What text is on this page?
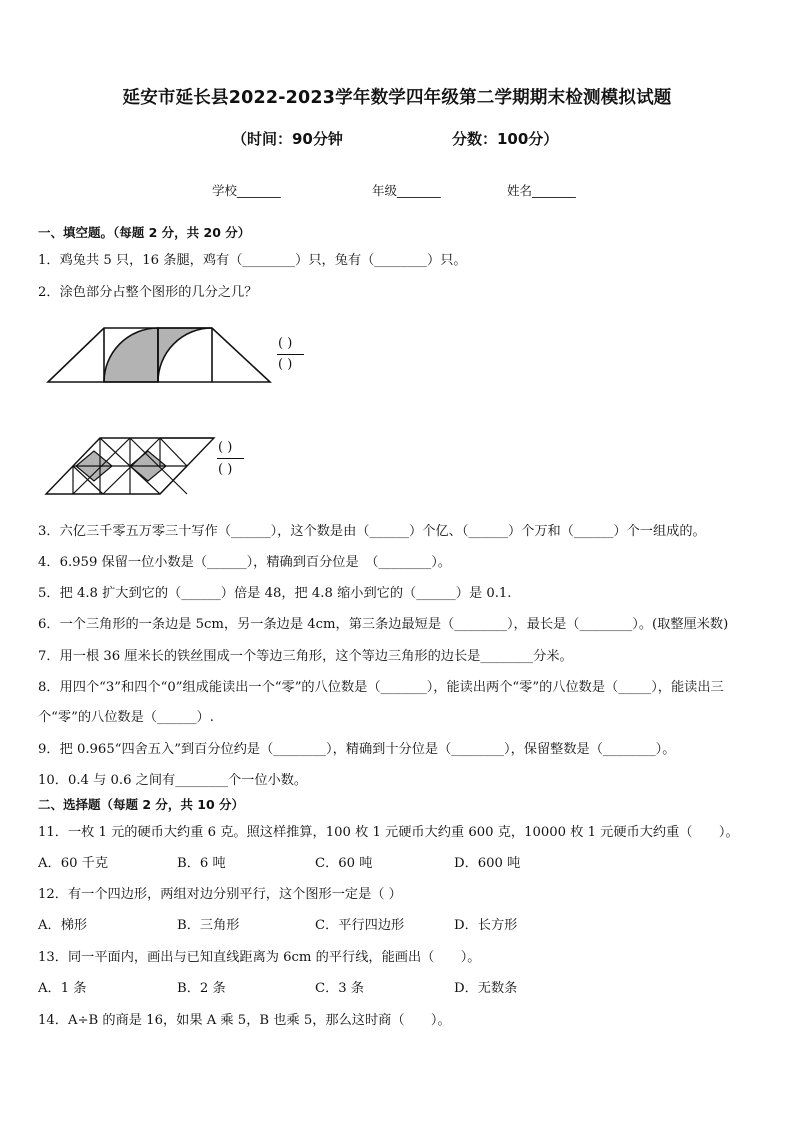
延安市延长县2022-2023学年数学四年级第二学期期末检测模拟试题
（时间：90分钟	分数：100分）
学校_______	年级_______	姓名_______
一、填空题。（每题 2 分，共 20 分）
1．鸡兔共 5 只，16 条腿，鸡有（________）只，兔有（________）只。
2．涂色部分占整个图形的几分之几？
( )
( )
( )
( )
3．六亿三千零五万零三十写作（______），这个数是由（______）个亿、（______）个万和（______）个一组成的。
4．6.959 保留一位小数是（______），精确到百分位是　（________）。
5．把 4.8 扩大到它的（______）倍是 48，把 4.8 缩小到它的（______）是 0.1.
6．一个三角形的一条边是 5cm，另一条边是 4cm，第三条边最短是（________），最长是（________）。(取整厘米数)
7．用一根 36 厘米长的铁丝围成一个等边三角形，这个等边三角形的边长是________分米。
8．用四个“3”和四个“0”组成能读出一个“零”的八位数是（_______），能读出两个“零”的八位数是（_____），能读出三
个“零”的八位数是（______）.
9．把 0.965“四舍五入”到百分位约是（________），精确到十分位是（________），保留整数是（________）。
10．0.4 与 0.6 之间有________个一位小数。
二、选择题（每题 2 分，共 10 分）
11．一枚 1 元的硬币大约重 6 克。照这样推算，100 枚 1 元硬币大约重 600 克，10000 枚 1 元硬币大约重（　　）。
A．60 千克	B．6 吨	C．60 吨	D．600 吨
12．有一个四边形，两组对边分别平行，这个图形一定是（ ）
A．梯形	B．三角形	C．平行四边形	D．长方形
13．同一平面内，画出与已知直线距离为 6cm 的平行线，能画出（　　）。
A．1 条	B．2 条	C．3 条	D．无数条
14．A÷B 的商是 16，如果 A 乘 5，B 也乘 5，那么这时商（　　）。
